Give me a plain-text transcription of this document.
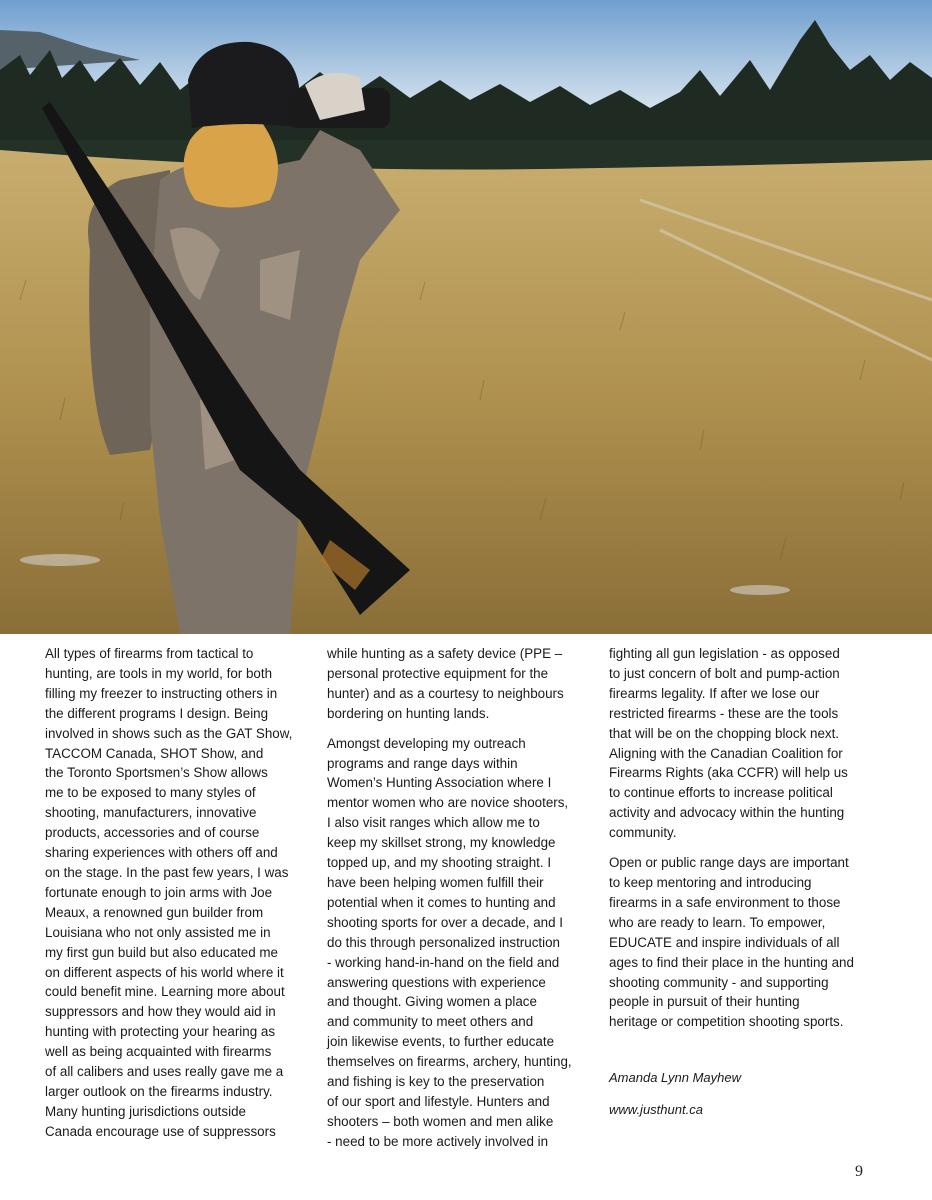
All types of firearms from tactical to
hunting, are tools in my world, for both
filling my freezer to instructing others in
the different programs I design. Being
involved in shows such as the GAT Show,
TACCOM Canada, SHOT Show, and
the Toronto Sportsmen’s Show allows
me to be exposed to many styles of
shooting, manufacturers, innovative
products, accessories and of course
sharing experiences with others off and
on the stage. In the past few years, I was
fortunate enough to join arms with Joe
Meaux, a renowned gun builder from
Louisiana who not only assisted me in
my first gun build but also educated me
on different aspects of his world where it
could benefit mine. Learning more about
suppressors and how they would aid in
hunting with protecting your hearing as
well as being acquainted with firearms
of all calibers and uses really gave me a
larger outlook on the firearms industry.
Many hunting jurisdictions outside
Canada encourage use of suppressors

while hunting as a safety device (PPE –
personal protective equipment for the
hunter) and as a courtesy to neighbours
bordering on hunting lands.

Amongst developing my outreach
programs and range days within
Women’s Hunting Association where I
mentor women who are novice shooters,
I also visit ranges which allow me to
keep my skillset strong, my knowledge
topped up, and my shooting straight. I
have been helping women fulfill their
potential when it comes to hunting and
shooting sports for over a decade, and I
do this through personalized instruction
- working hand-in-hand on the field and
answering questions with experience
and thought. Giving women a place
and community to meet others and
join likewise events, to further educate
themselves on firearms, archery, hunting,
and fishing is key to the preservation
of our sport and lifestyle. Hunters and
shooters – both women and men alike
- need to be more actively involved in

fighting all gun legislation - as opposed
to just concern of bolt and pump-action
firearms legality. If after we lose our
restricted firearms - these are the tools
that will be on the chopping block next.
Aligning with the Canadian Coalition for
Firearms Rights (aka CCFR) will help us
to continue efforts to increase political
activity and advocacy within the hunting
community.

Open or public range days are important
to keep mentoring and introducing
firearms in a safe environment to those
who are ready to learn. To empower,
EDUCATE and inspire individuals of all
ages to find their place in the hunting and
shooting community - and supporting
people in pursuit of their hunting
heritage or competition shooting sports.

Amanda Lynn Mayhew

www.justhunt.ca

9
